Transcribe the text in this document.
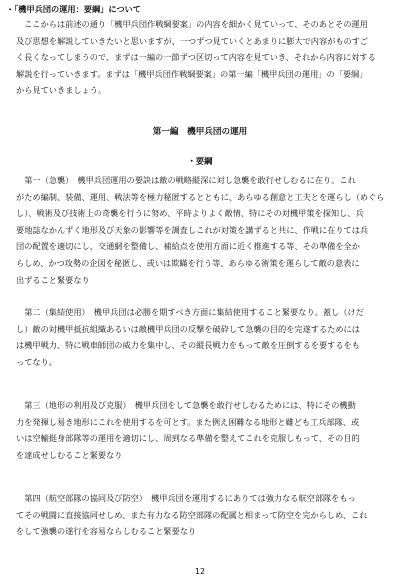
・「機甲兵団の運用：要綱」について
　ここからは前述の通り「機甲兵団作戦綱要案」の内容を細かく見ていって、そのあとその運用
及び思想を解説していきたいと思いますが、一つずつ見ていくとあまりに膨大で内容がものすご
く長くなってしまうので、まずは一編の一節ずつ区切って内容を見ていき、それから内容に対する
解説を行っていきます。まずは「機甲兵団作戦綱要案」の第一編「機甲兵団の運用」の「要綱」
から見ていきましょう。
第一編　機甲兵団の運用
・要綱
　第一（急襲）　機甲兵団運用の要訣は敵の戦略縦深に対し急襲を敢行せしむるに在り。これ
がため編制、装備、運用、戦法等を極力秘匿するとともに、あらゆる創意と工夫とを運らし（めぐら
し）、戦術及び技術上の奇襲を行うに努め、平時よりよく敵情、特にその対機甲策を探知し、兵
要地誌なかんずく地形及び天象の影響等を調査しこれが対策を講ずると共に、作戦に在りては兵
団の配置を適切にし、交通網を整備し、補給点を使用方面に近く推進する等、その準備を全か
らしめ、かつ攻勢の企図を秘匿し、或いは欺瞞を行う等、あらゆる術策を運らして敵の意表に
出ずること緊要なり
　第二（集結使用）　機甲兵団は必勝を期すべき方面に集結使用すること緊要なり。蓋し（けだ
し）敵の対機甲抵抗組織あるいは敵機甲兵団の反撃を破砕して急襲の目的を完遂するためには
は機甲戦力、特に戦車師団の威力を集中し、その縦長戦力をもって敵を圧倒するを要するをも
ってなり。
　第三（地形の利用及び克服）　機甲兵団をして急襲を敢行せしむるためには、特にその機動
力を発揮し易き地形にこれを使用するを可とす。また例え困難なる地形と雖ども工兵部隊、或
いは空輸挺身部隊等の運用を適切にし、周到なる準備を整えてこれを克服しもって、その目的
を達成せしむること緊要なり
　第四（航空部隊の協同及び防空）　機甲兵団を運用するにありては強力なる航空部隊をもっ
てその戦闘に直接協同せしめ、また有力なる防空部隊の配属と相まって防空を完からしめ、これ
をして強襲の遂行を容易ならしむること緊要なり
12
